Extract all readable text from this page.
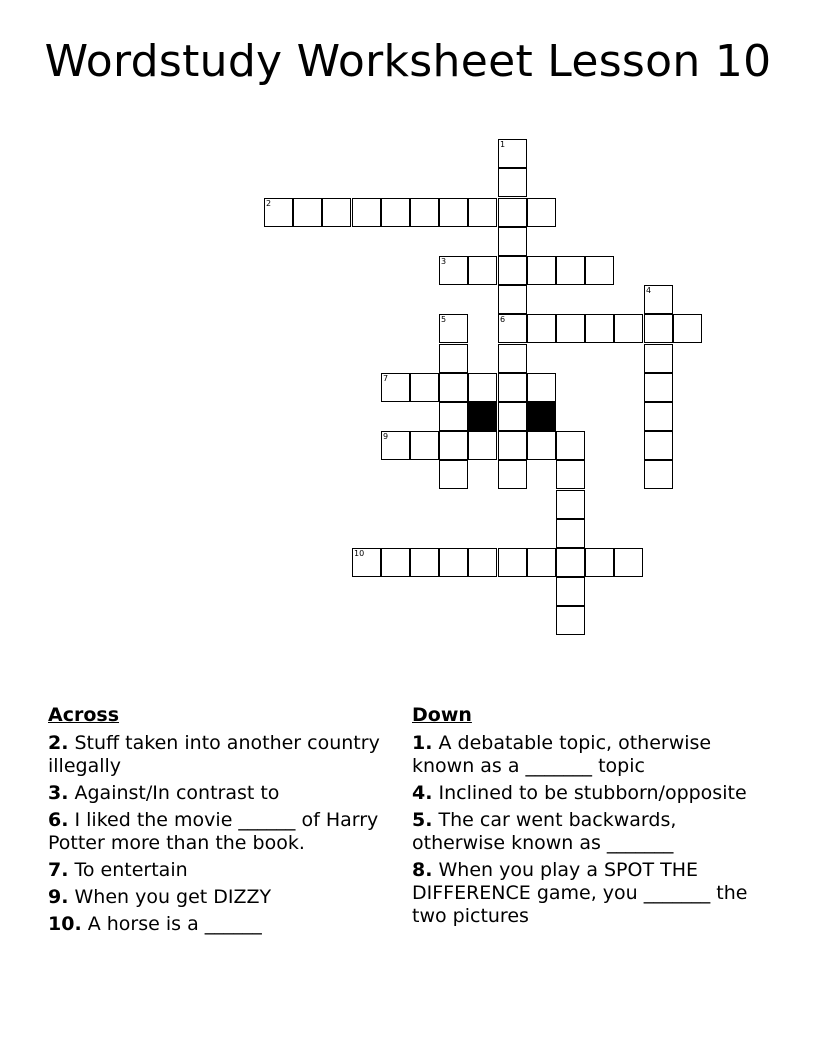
Wordstudy Worksheet Lesson 10
1
6
2
3
4
5
7
9
10
Across
2. Stuff taken into another country illegally
3. Against/In contrast to
6. I liked the movie ______ of Harry Potter more than the book.
7. To entertain
9. When you get DIZZY
10. A horse is a ______
Down
1. A debatable topic, otherwise known as a _______ topic
4. Inclined to be stubborn/opposite
5. The car went backwards, otherwise known as _______
8. When you play a SPOT THE DIFFERENCE game, you _______ the two pictures
